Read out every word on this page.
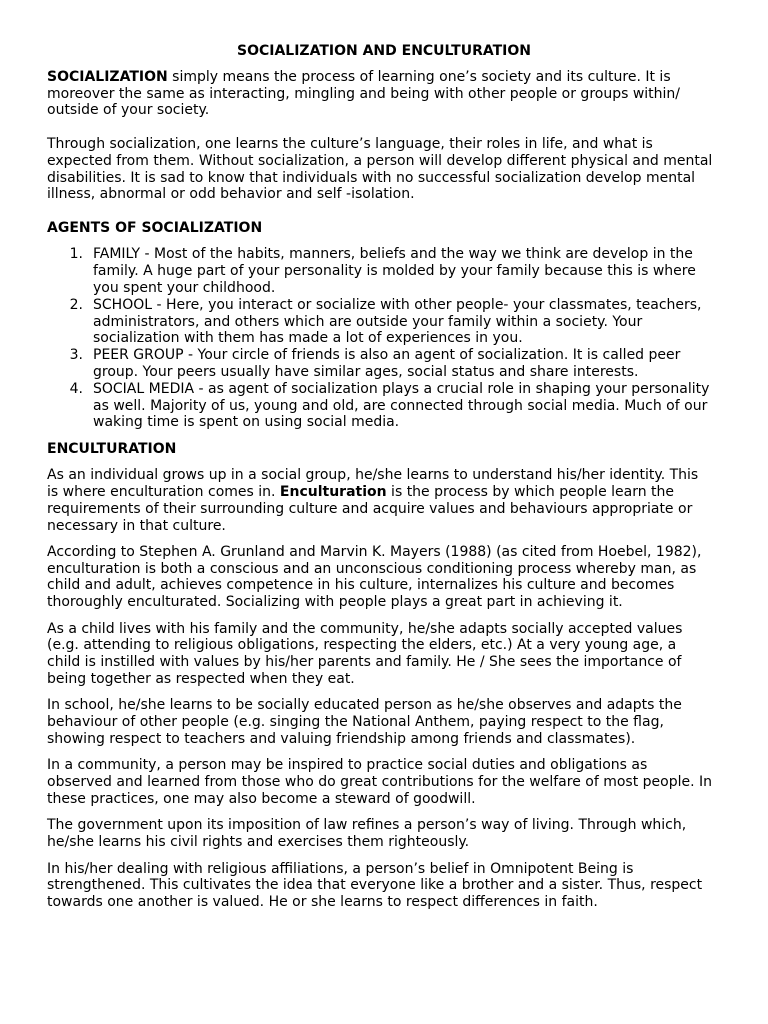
SOCIALIZATION AND ENCULTURATION
SOCIALIZATION simply means the process of learning one’s society and its culture. It is
moreover the same as interacting, mingling and being with other people or groups within/
outside of your society.
Through socialization, one learns the culture’s language, their roles in life, and what is
expected from them. Without socialization, a person will develop different physical and mental
disabilities. It is sad to know that individuals with no successful socialization develop mental
illness, abnormal or odd behavior and self -isolation.
AGENTS OF SOCIALIZATION
1. FAMILY - Most of the habits, manners, beliefs and the way we think are develop in the
family. A huge part of your personality is molded by your family because this is where
you spent your childhood.
2. SCHOOL - Here, you interact or socialize with other people- your classmates, teachers,
administrators, and others which are outside your family within a society. Your
socialization with them has made a lot of experiences in you.
3. PEER GROUP - Your circle of friends is also an agent of socialization. It is called peer
group. Your peers usually have similar ages, social status and share interests.
4. SOCIAL MEDIA - as agent of socialization plays a crucial role in shaping your personality
as well. Majority of us, young and old, are connected through social media. Much of our
waking time is spent on using social media.
ENCULTURATION
As an individual grows up in a social group, he/she learns to understand his/her identity. This
is where enculturation comes in. Enculturation is the process by which people learn the
requirements of their surrounding culture and acquire values and behaviours appropriate or
necessary in that culture.
According to Stephen A. Grunland and Marvin K. Mayers (1988) (as cited from Hoebel, 1982),
enculturation is both a conscious and an unconscious conditioning process whereby man, as
child and adult, achieves competence in his culture, internalizes his culture and becomes
thoroughly enculturated. Socializing with people plays a great part in achieving it.
As a child lives with his family and the community, he/she adapts socially accepted values
(e.g. attending to religious obligations, respecting the elders, etc.) At a very young age, a
child is instilled with values by his/her parents and family. He / She sees the importance of
being together as respected when they eat.
In school, he/she learns to be socially educated person as he/she observes and adapts the
behaviour of other people (e.g. singing the National Anthem, paying respect to the flag,
showing respect to teachers and valuing friendship among friends and classmates).
In a community, a person may be inspired to practice social duties and obligations as
observed and learned from those who do great contributions for the welfare of most people. In
these practices, one may also become a steward of goodwill.
The government upon its imposition of law refines a person’s way of living. Through which,
he/she learns his civil rights and exercises them righteously.
In his/her dealing with religious affiliations, a person’s belief in Omnipotent Being is
strengthened. This cultivates the idea that everyone like a brother and a sister. Thus, respect
towards one another is valued. He or she learns to respect differences in faith.
